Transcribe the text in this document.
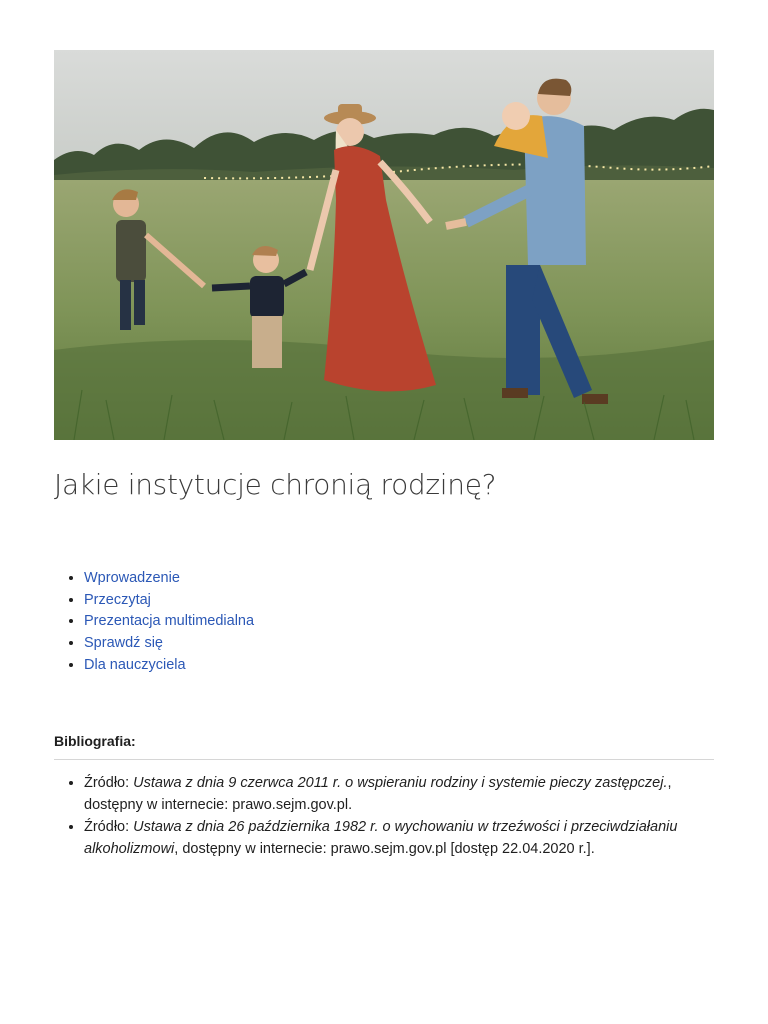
Jakie instytucje chronią rodzinę?
• Wprowadzenie
• Przeczytaj
• Prezentacja multimedialna
• Sprawdź się
• Dla nauczyciela

Bibliografia:

• Źródło: Ustawa z dnia 9 czerwca 2011 r. o wspieraniu rodziny i systemie pieczy zastępczej., dostępny w internecie: prawo.sejm.gov.pl.
• Źródło: Ustawa z dnia 26 października 1982 r. o wychowaniu w trzeźwości i przeciwdziałaniu alkoholizmowi, dostępny w internecie: prawo.sejm.gov.pl [dostęp 22.04.2020 r.].
